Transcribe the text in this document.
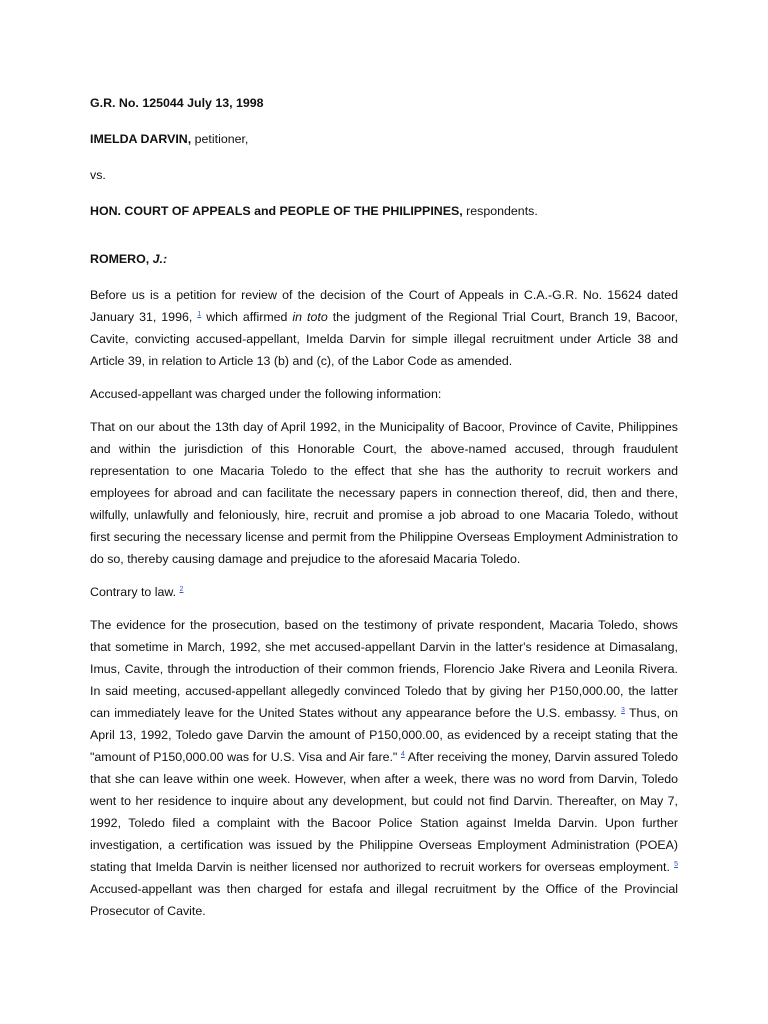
G.R. No. 125044 July 13, 1998

IMELDA DARVIN, petitioner,

vs.

HON. COURT OF APPEALS and PEOPLE OF THE PHILIPPINES, respondents.

ROMERO, J.:

Before us is a petition for review of the decision of the Court of Appeals in C.A.-G.R. No. 15624 dated January 31, 1996, $^1$ which affirmed in toto the judgment of the Regional Trial Court, Branch 19, Bacoor, Cavite, convicting accused-appellant, Imelda Darvin for simple illegal recruitment under Article 38 and Article 39, in relation to Article 13 (b) and (c), of the Labor Code as amended.

Accused-appellant was charged under the following information:

That on our about the 13th day of April 1992, in the Municipality of Bacoor, Province of Cavite, Philippines and within the jurisdiction of this Honorable Court, the above-named accused, through fraudulent representation to one Macaria Toledo to the effect that she has the authority to recruit workers and employees for abroad and can facilitate the necessary papers in connection thereof, did, then and there, wilfully, unlawfully and feloniously, hire, recruit and promise a job abroad to one Macaria Toledo, without first securing the necessary license and permit from the Philippine Overseas Employment Administration to do so, thereby causing damage and prejudice to the aforesaid Macaria Toledo.

Contrary to law. $^2$

The evidence for the prosecution, based on the testimony of private respondent, Macaria Toledo, shows that sometime in March, 1992, she met accused-appellant Darvin in the latter's residence at Dimasalang, Imus, Cavite, through the introduction of their common friends, Florencio Jake Rivera and Leonila Rivera. In said meeting, accused-appellant allegedly convinced Toledo that by giving her P150,000.00, the latter can immediately leave for the United States without any appearance before the U.S. embassy. $^3$ Thus, on April 13, 1992, Toledo gave Darvin the amount of P150,000.00, as evidenced by a receipt stating that the "amount of P150,000.00 was for U.S. Visa and Air fare." $^4$ After receiving the money, Darvin assured Toledo that she can leave within one week. However, when after a week, there was no word from Darvin, Toledo went to her residence to inquire about any development, but could not find Darvin. Thereafter, on May 7, 1992, Toledo filed a complaint with the Bacoor Police Station against Imelda Darvin. Upon further investigation, a certification was issued by the Philippine Overseas Employment Administration (POEA) stating that Imelda Darvin is neither licensed nor authorized to recruit workers for overseas employment. $^5$ Accused-appellant was then charged for estafa and illegal recruitment by the Office of the Provincial Prosecutor of Cavite.
